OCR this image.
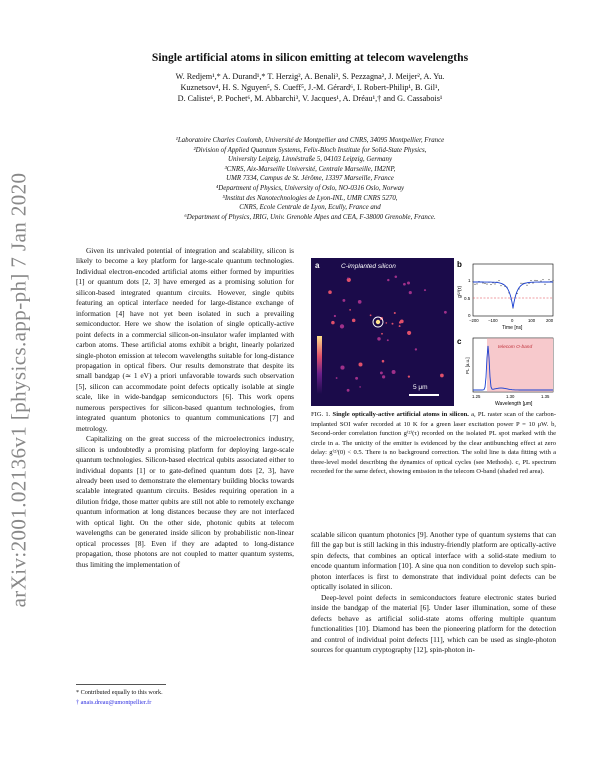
arXiv:2001.02136v1 [physics.app-ph] 7 Jan 2020
Single artificial atoms in silicon emitting at telecom wavelengths
W. Redjem¹,* A. Durand¹,* T. Herzig², A. Benali³, S. Pezzagna², J. Meijer², A. Yu.
Kuznetsov⁴, H. S. Nguyen⁵, S. Cueff⁵, J.-M. Gérard⁶, I. Robert-Philip¹, B. Gil¹,
D. Caliste⁶, P. Pochet⁶, M. Abbarchi³, V. Jacques¹, A. Dréau¹,† and G. Cassabois¹
¹Laboratoire Charles Coulomb, Université de Montpellier and CNRS, 34095 Montpellier, France
²Division of Applied Quantum Systems, Felix-Bloch Institute for Solid-State Physics,
University Leipzig, Linnéstraße 5, 04103 Leipzig, Germany
³CNRS, Aix-Marseille Université, Centrale Marseille, IM2NP,
UMR 7334, Campus de St. Jérôme, 13397 Marseille, France
⁴Department of Physics, University of Oslo, NO-0316 Oslo, Norway
⁵Institut des Nanotechnologies de Lyon-INL, UMR CNRS 5270,
CNRS, Ecole Centrale de Lyon, Ecully, France and
⁶Department of Physics, IRIG, Univ. Grenoble Alpes and CEA, F-38000 Grenoble, France.

Given its unrivaled potential of integration and scalability, silicon is likely to become a key platform for large-scale quantum technologies. Individual electron-encoded artificial atoms either formed by impurities [1] or quantum dots [2, 3] have emerged as a promising solution for silicon-based integrated quantum circuits. However, single qubits featuring an optical interface needed for large-distance exchange of information [4] have not yet been isolated in such a prevailing semiconductor. Here we show the isolation of single optically-active point defects in a commercial silicon-on-insulator wafer implanted with carbon atoms. These artificial atoms exhibit a bright, linearly polarized single-photon emission at telecom wavelengths suitable for long-distance propagation in optical fibers. Our results demonstrate that despite its small bandgap (≃ 1 eV) a priori unfavorable towards such observation [5], silicon can accommodate point defects optically isolable at single scale, like in wide-bandgap semiconductors [6]. This work opens numerous perspectives for silicon-based quantum technologies, from integrated quantum photonics to quantum communications [7] and metrology.

Capitalizing on the great success of the microelectronics industry, silicon is undoubtedly a promising platform for deploying large-scale quantum technologies. Silicon-based electrical qubits associated either to individual dopants [1] or to gate-defined quantum dots [2, 3], have already been used to demonstrate the elementary building blocks towards scalable integrated quantum circuits. Besides requiring operation in a dilution fridge, those matter qubits are still not able to remotely exchange quantum information at long distances because they are not interfaced with optical light. On the other side, photonic qubits at telecom wavelengths can be generated inside silicon by probabilistic non-linear optical processes [8]. Even if they are adapted to long-distance propagation, those photons are not coupled to matter quantum systems, thus limiting the implementation of

a	C-implanted silicon
5 μm
b
g⁽²⁾(τ)
1
0.5
0
−200 −100	0	100	200
Time [ns]
c
telecom O-band
PL [a.u.]
1.25	1.30	1.35
Wavelength [μm]
FIG. 1. Single optically-active artificial atoms in silicon. a, PL raster scan of the carbon-implanted SOI wafer recorded at 10 K for a green laser excitation power P = 10 μW. b, Second-order correlation function g⁽²⁾(τ) recorded on the isolated PL spot marked with the circle in a. The unicity of the emitter is evidenced by the clear antibunching effect at zero delay: g⁽²⁾(0) < 0.5. There is no background correction. The solid line is data fitting with a three-level model describing the dynamics of optical cycles (see Methods). c, PL spectrum recorded for the same defect, showing emission in the telecom O-band (shaded red area).

scalable silicon quantum photonics [9]. Another type of quantum systems that can fill the gap but is still lacking in this industry-friendly platform are optically-active spin defects, that combines an optical interface with a solid-state medium to encode quantum information [10]. A sine qua non condition to develop such spin-photon interfaces is first to demonstrate that individual point defects can be optically isolated in silicon.

Deep-level point defects in semiconductors feature electronic states buried inside the bandgap of the material [6]. Under laser illumination, some of these defects behave as artificial solid-state atoms offering multiple quantum functionalities [10]. Diamond has been the pioneering platform for the detection and control of individual point defects [11], which can be used as single-photon sources for quantum cryptography [12], spin-photon in-

* Contributed equally to this work.
† anais.dreau@umontpellier.fr
